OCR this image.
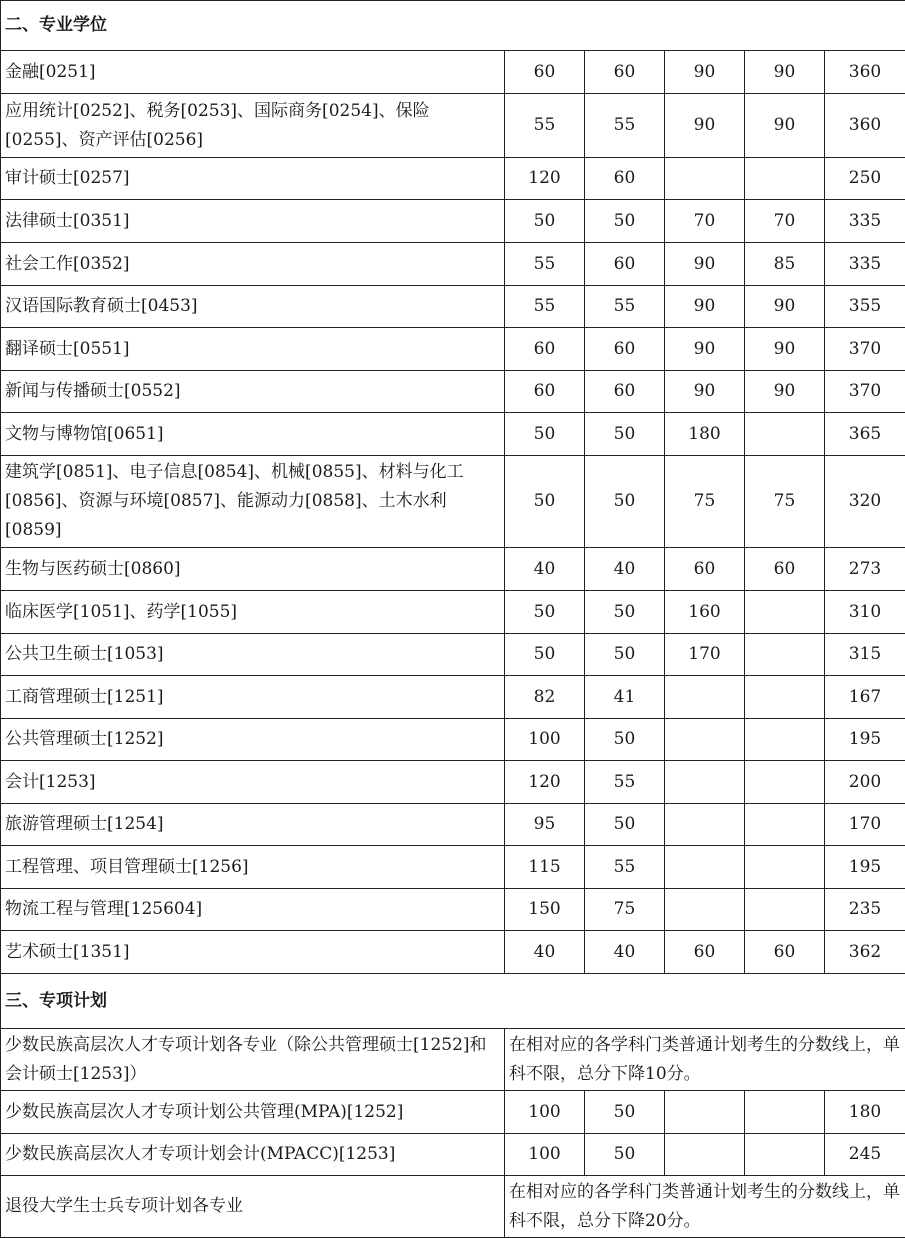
二、专业学位					
金融[0251]	60	60	90	90	360
应用统计[0252]、税务[0253]、国际商务[0254]、保险[0255]、资产评估[0256]	55	55	90	90	360
审计硕士[0257]	120	60			250
法律硕士[0351]	50	50	70	70	335
社会工作[0352]	55	60	90	85	335
汉语国际教育硕士[0453]	55	55	90	90	355
翻译硕士[0551]	60	60	90	90	370
新闻与传播硕士[0552]	60	60	90	90	370
文物与博物馆[0651]	50	50	180		365
建筑学[0851]、电子信息[0854]、机械[0855]、材料与化工[0856]、资源与环境[0857]、能源动力[0858]、土木水利[0859]	50	50	75	75	320
生物与医药硕士[0860]	40	40	60	60	273
临床医学[1051]、药学[1055]	50	50	160		310
公共卫生硕士[1053]	50	50	170		315
工商管理硕士[1251]	82	41			167
公共管理硕士[1252]	100	50			195
会计[1253]	120	55			200
旅游管理硕士[1254]	95	50			170
工程管理、项目管理硕士[1256]	115	55			195
物流工程与管理[125604]	150	75			235
艺术硕士[1351]	40	40	60	60	362
三、专项计划					
少数民族高层次人才专项计划各专业（除公共管理硕士[1252]和会计硕士[1253]）	在相对应的各学科门类普通计划考生的分数线上，单科不限，总分下降10分。				
少数民族高层次人才专项计划公共管理(MPA)[1252]	100	50			180
少数民族高层次人才专项计划会计(MPACC)[1253]	100	50			245
退役大学生士兵专项计划各专业	在相对应的各学科门类普通计划考生的分数线上，单科不限，总分下降20分。				
